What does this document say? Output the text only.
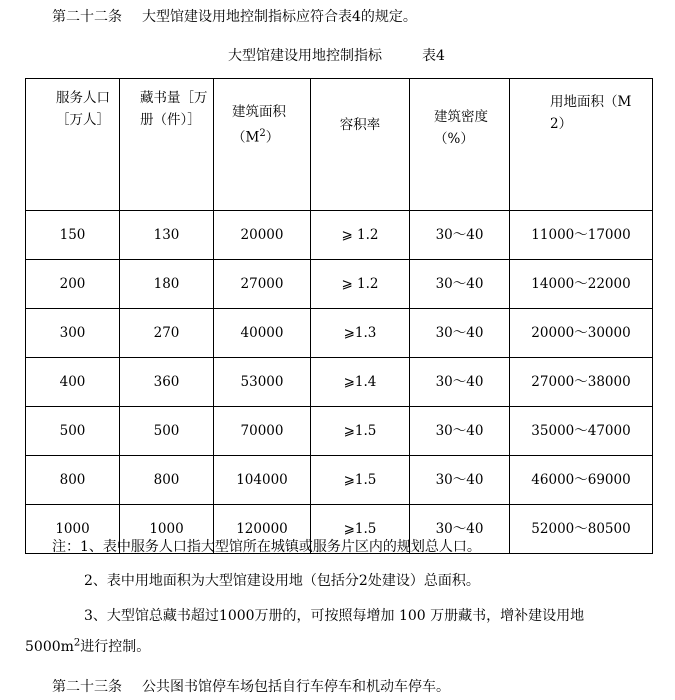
第二十二条 大型馆建设用地控制指标应符合表4的规定。
大型馆建设用地控制指标	表4
服务人口［万人］	藏书量［万册（件）］	建筑面积$(M^2)$	容积率	建筑密度（%）	用地面积（M2）

150	130	20000	⩾ 1.2	30～40	11000～17000
200	180	27000	⩾ 1.2	30～40	14000～22000
300	270	40000	⩾1.3	30～40	20000～30000
400	360	53000	⩾1.4	30～40	27000～38000
500	500	70000	⩾1.5	30～40	35000～47000
800	800	104000	⩾1.5	30～40	46000～69000
1000	1000	120000	⩾1.5	30～40	52000～80500
注：1、表中服务人口指大型馆所在城镇或服务片区内的规划总人口。
2、表中用地面积为大型馆建设用地（包括分2处建设）总面积。
3、大型馆总藏书超过1000万册的，可按照每增加 100 万册藏书，增补建设用地
$5000m^2$进行控制。
第二十三条 公共图书馆停车场包括自行车停车和机动车停车。
